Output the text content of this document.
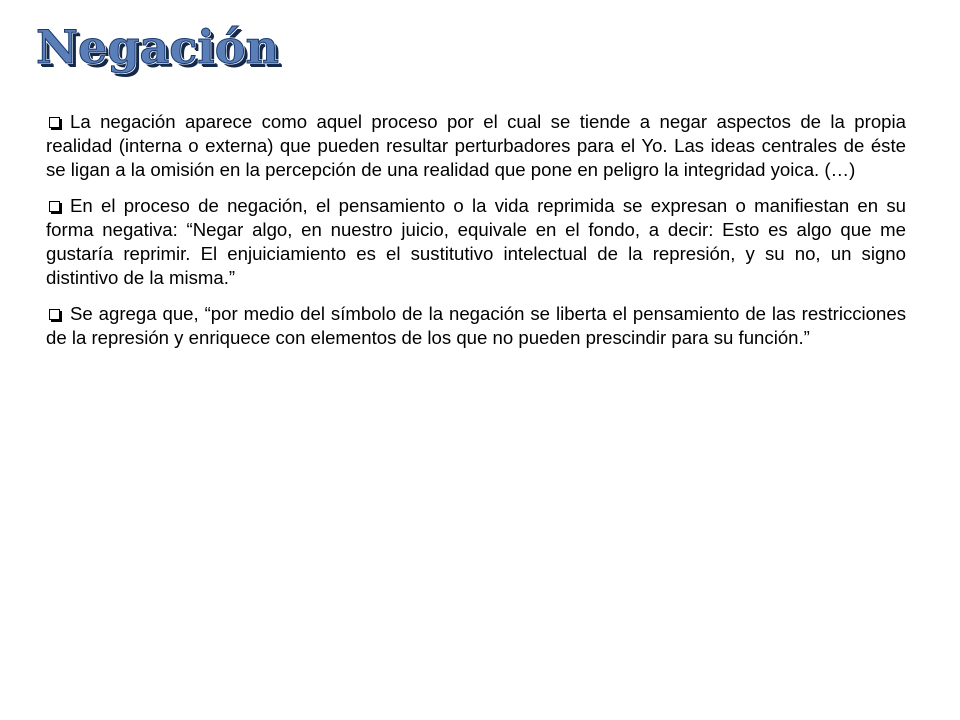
Negación
La negación aparece como aquel proceso por el cual se tiende a negar aspectos de la propia realidad (interna o externa) que pueden resultar perturbadores para el Yo. Las ideas centrales de éste se ligan a la omisión en la percepción de una realidad que pone en peligro la integridad yoica. (…)
En el proceso de negación, el pensamiento o la vida reprimida se expresan o manifiestan en su forma negativa: “Negar algo, en nuestro juicio, equivale en el fondo, a decir: Esto es algo que me gustaría reprimir. El enjuiciamiento es el sustitutivo intelectual de la represión, y su no, un signo distintivo de la misma.”
Se agrega que, “por medio del símbolo de la negación se liberta el pensamiento de las restricciones de la represión y enriquece con elementos de los que no pueden prescindir para su función.”
